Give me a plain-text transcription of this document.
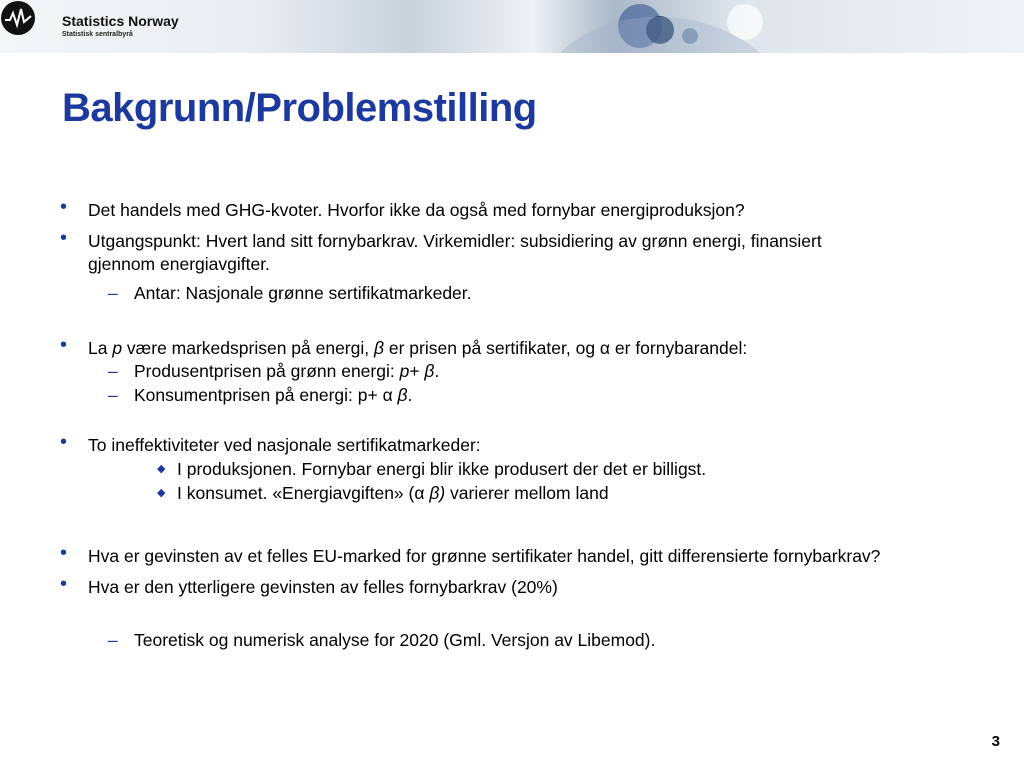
Statistics Norway
Statistisk sentralbyrå
Bakgrunn/Problemstilling
• Det handels med GHG-kvoter. Hvorfor ikke da også med fornybar energiproduksjon?
• Utgangspunkt: Hvert land sitt fornybarkrav. Virkemidler: subsidiering av grønn energi, finansiert
gjennom energiavgifter.
– Antar: Nasjonale grønne sertifikatmarkeder.
• La p være markedsprisen på energi, β er prisen på sertifikater, og α er fornybarandel:
– Produsentprisen på grønn energi: p+ β.
– Konsumentprisen på energi: p+ α β.
• To ineffektiviteter ved nasjonale sertifikatmarkeder:
◆ I produksjonen. Fornybar energi blir ikke produsert der det er billigst.
◆ I konsumet. «Energiavgiften» (α β) varierer mellom land
• Hva er gevinsten av et felles EU-marked for grønne sertifikater handel, gitt differensierte fornybarkrav?
• Hva er den ytterligere gevinsten av felles fornybarkrav (20%)
– Teoretisk og numerisk analyse for 2020 (Gml. Versjon av Libemod).
3
